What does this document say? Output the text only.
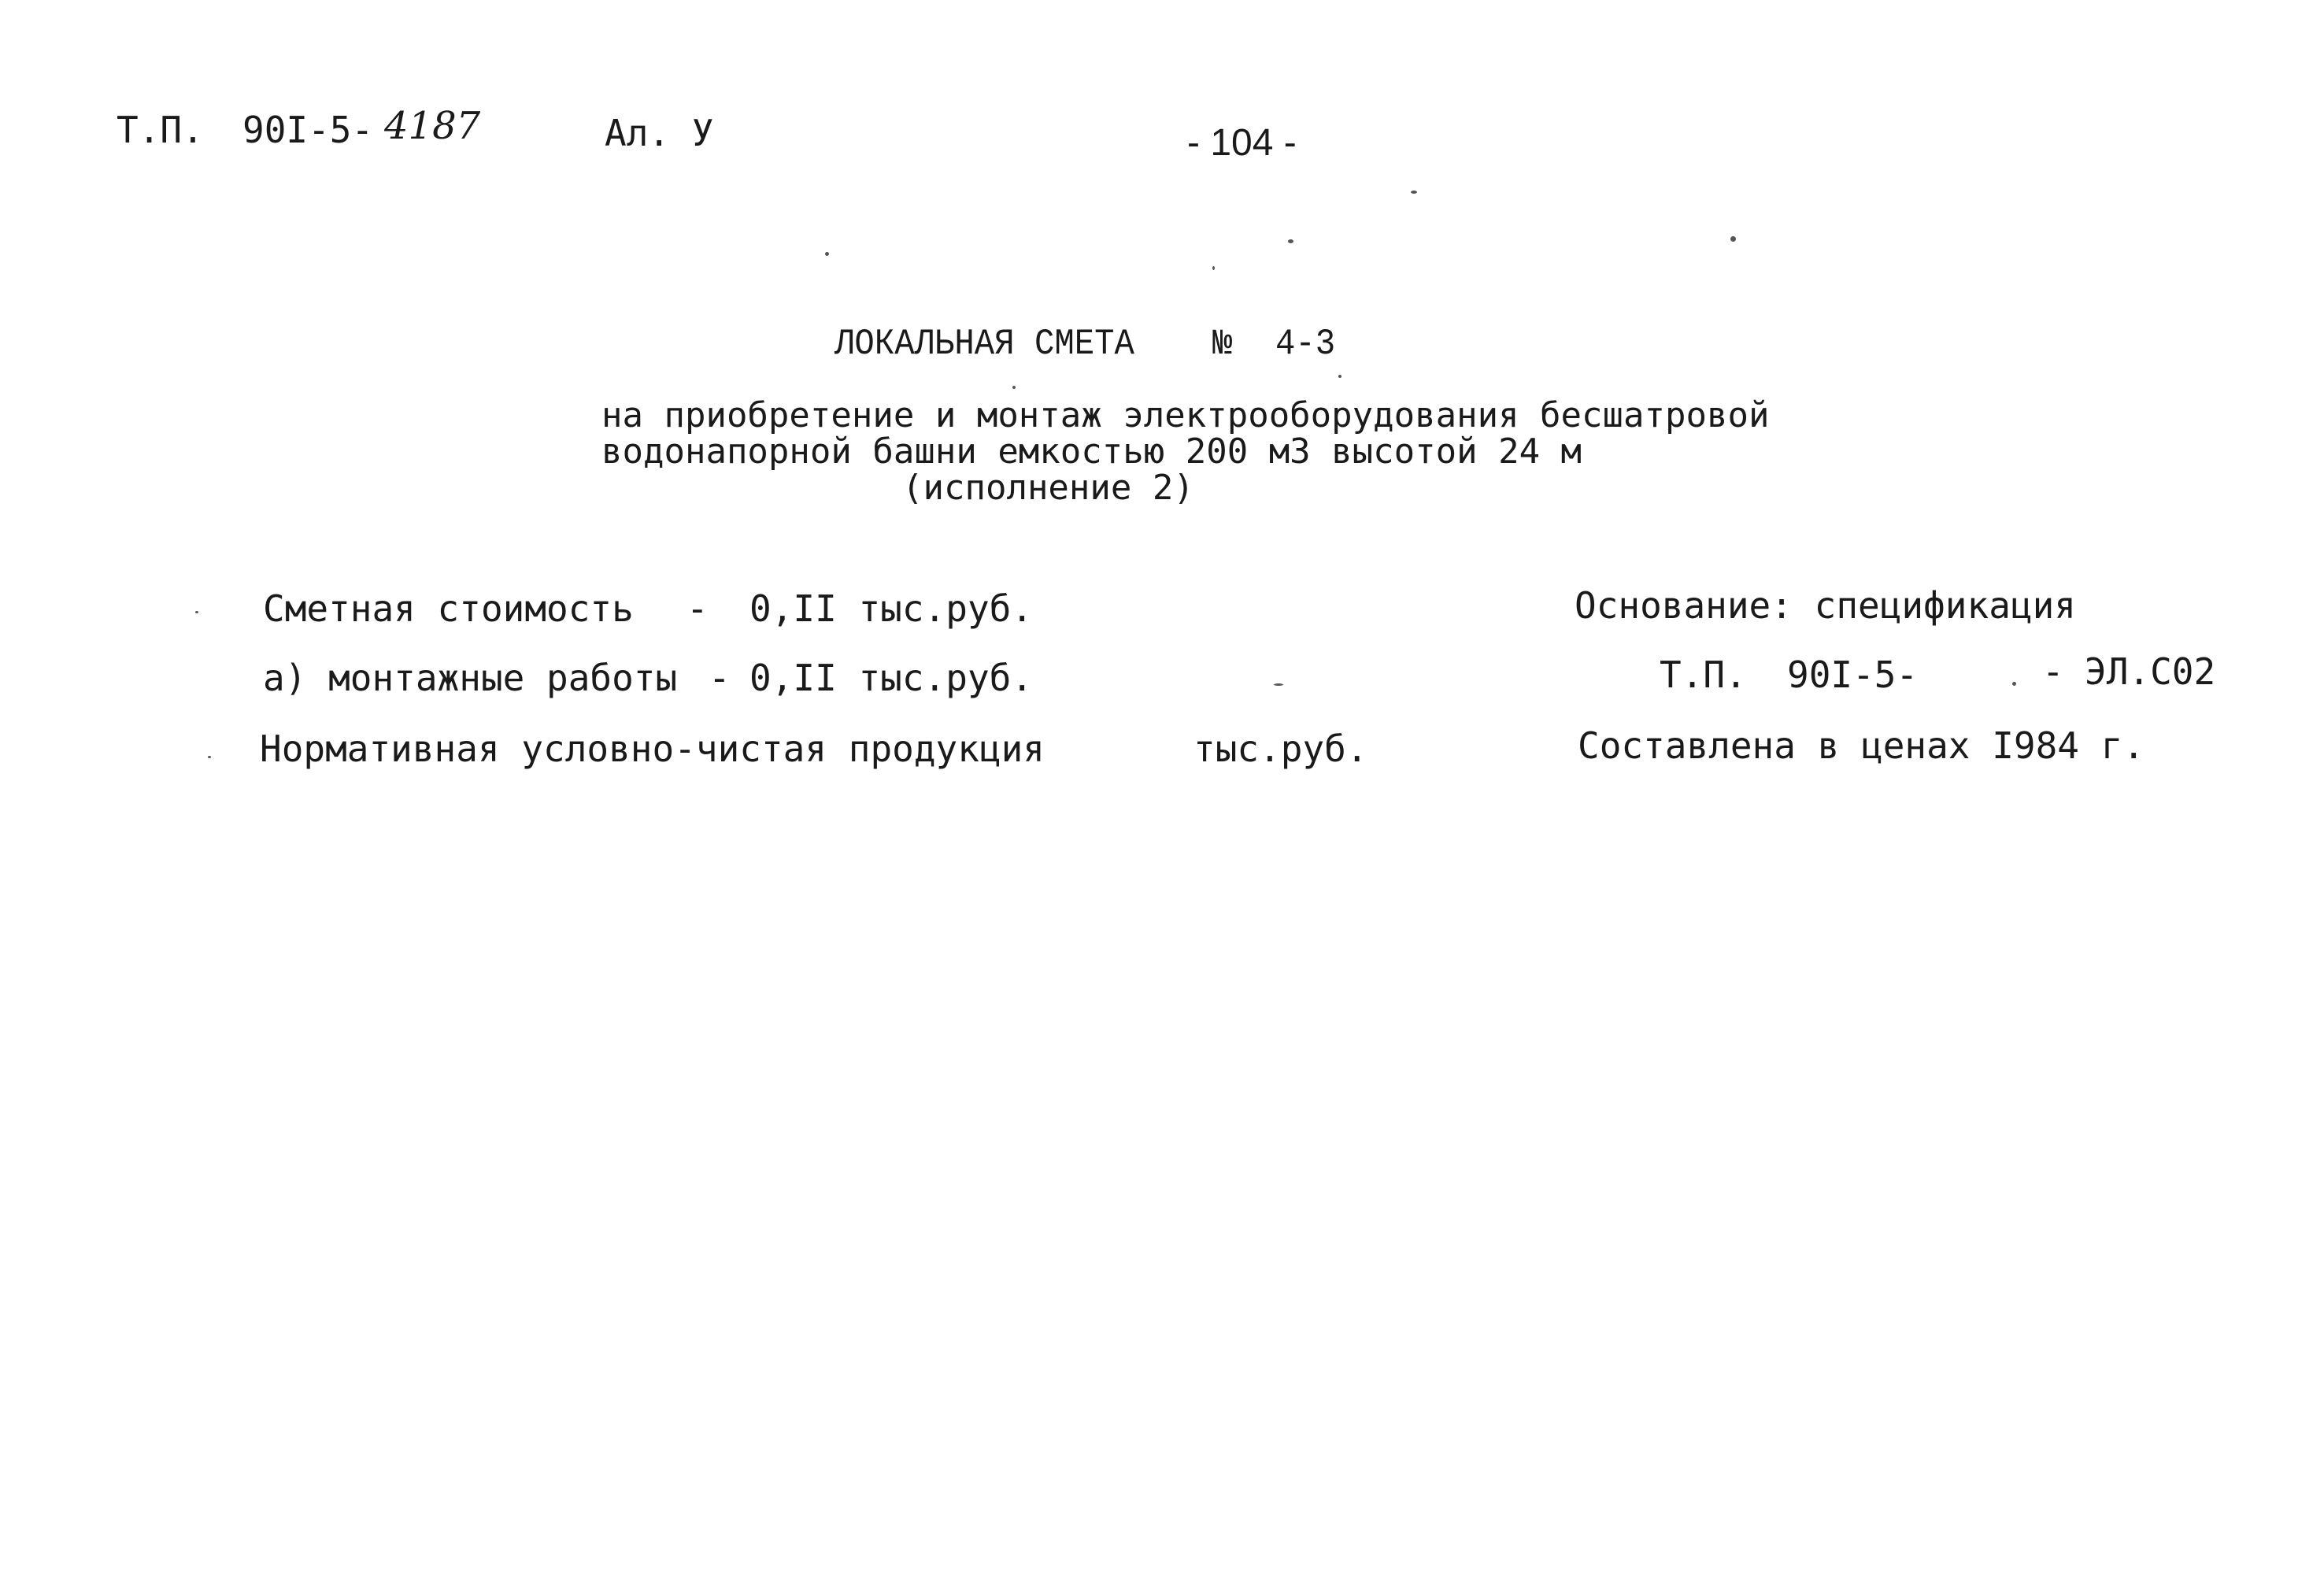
Т.П. 90I-5- 4187	Ал. У	- 104 -
ЛОКАЛЬНАЯ СМЕТА № 4-3
на приобретение и монтаж электрооборудования бесшатровой
водонапорной башни емкостью 200 м3 высотой 24 м
(исполнение 2)
Сметная стоимость - 0,II тыс.руб.
а) монтажные работы - 0,II тыс.руб.
Нормативная условно-чистая продукция	тыс.руб.
Основание: спецификация
Т.П. 90I-5-	- ЭЛ.С02
Составлена в ценах I984 г.
